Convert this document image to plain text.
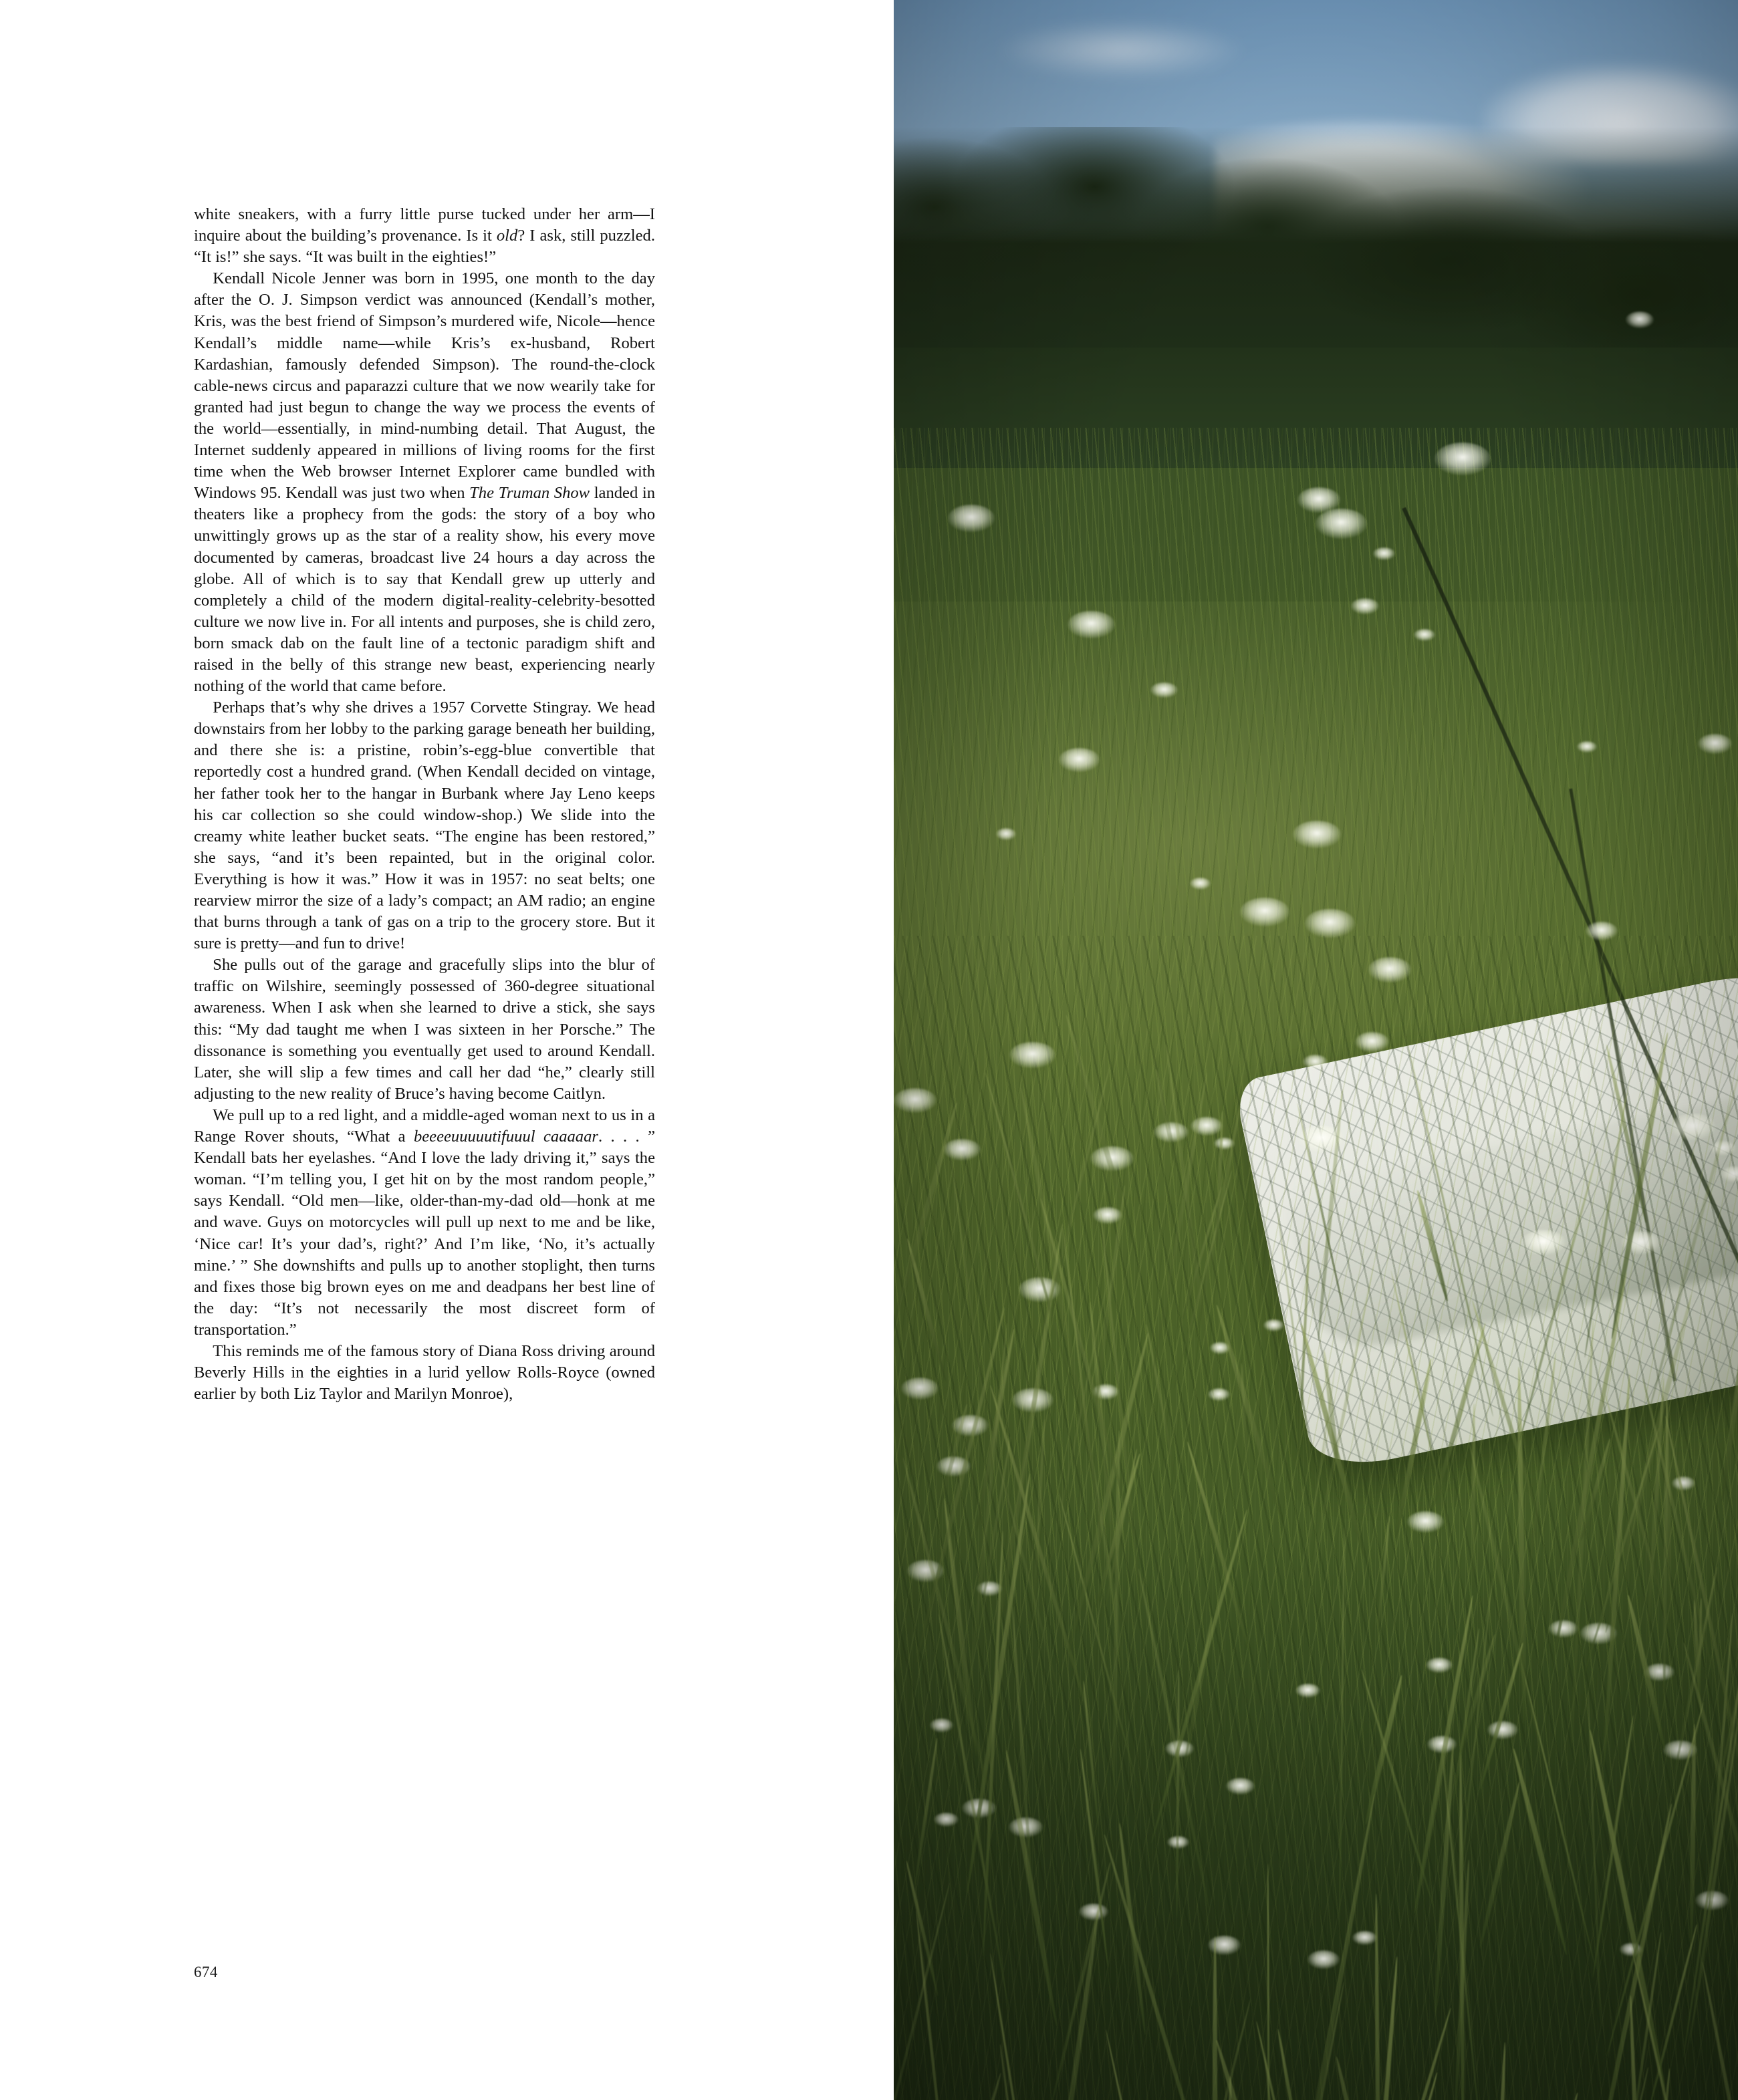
white sneakers, with a furry little purse tucked under her arm—I inquire about the building’s provenance. Is it old? I ask, still puzzled. “It is!” she says. “It was built in the eighties!”

Kendall Nicole Jenner was born in 1995, one month to the day after the O. J. Simpson verdict was announced (Kendall’s mother, Kris, was the best friend of Simpson’s murdered wife, Nicole—hence Kendall’s middle name—while Kris’s ex-husband, Robert Kardashian, famously defended Simpson). The round-the-clock cable-news circus and paparazzi culture that we now wearily take for granted had just begun to change the way we process the events of the world—essentially, in mind-numbing detail. That August, the Internet suddenly appeared in millions of living rooms for the first time when the Web browser Internet Explorer came bundled with Windows 95. Kendall was just two when The Truman Show landed in theaters like a prophecy from the gods: the story of a boy who unwittingly grows up as the star of a reality show, his every move documented by cameras, broadcast live 24 hours a day across the globe. All of which is to say that Kendall grew up utterly and completely a child of the modern digital-reality-celebrity-besotted culture we now live in. For all intents and purposes, she is child zero, born smack dab on the fault line of a tectonic paradigm shift and raised in the belly of this strange new beast, experiencing nearly nothing of the world that came before.

Perhaps that’s why she drives a 1957 Corvette Stingray. We head downstairs from her lobby to the parking garage beneath her building, and there she is: a pristine, robin’s-egg-blue convertible that reportedly cost a hundred grand. (When Kendall decided on vintage, her father took her to the hangar in Burbank where Jay Leno keeps his car collection so she could window-shop.) We slide into the creamy white leather bucket seats. “The engine has been restored,” she says, “and it’s been repainted, but in the original color. Everything is how it was.” How it was in 1957: no seat belts; one rearview mirror the size of a lady’s compact; an AM radio; an engine that burns through a tank of gas on a trip to the grocery store. But it sure is pretty—and fun to drive!

She pulls out of the garage and gracefully slips into the blur of traffic on Wilshire, seemingly possessed of 360-degree situational awareness. When I ask when she learned to drive a stick, she says this: “My dad taught me when I was sixteen in her Porsche.” The dissonance is something you eventually get used to around Kendall. Later, she will slip a few times and call her dad “he,” clearly still adjusting to the new reality of Bruce’s having become Caitlyn.

We pull up to a red light, and a middle-aged woman next to us in a Range Rover shouts, “What a beeeeuuuuutifuuul caaaaar. . . . ” Kendall bats her eyelashes. “And I love the lady driving it,” says the woman. “I’m telling you, I get hit on by the most random people,” says Kendall. “Old men—like, older-than-my-dad old—honk at me and wave. Guys on motorcycles will pull up next to me and be like, ‘Nice car! It’s your dad’s, right?’ And I’m like, ‘No, it’s actually mine.’ ” She downshifts and pulls up to another stoplight, then turns and fixes those big brown eyes on me and deadpans her best line of the day: “It’s not necessarily the most discreet form of transportation.”

This reminds me of the famous story of Diana Ross driving around Beverly Hills in the eighties in a lurid yellow Rolls-Royce (owned earlier by both Liz Taylor and Marilyn Monroe),

674
